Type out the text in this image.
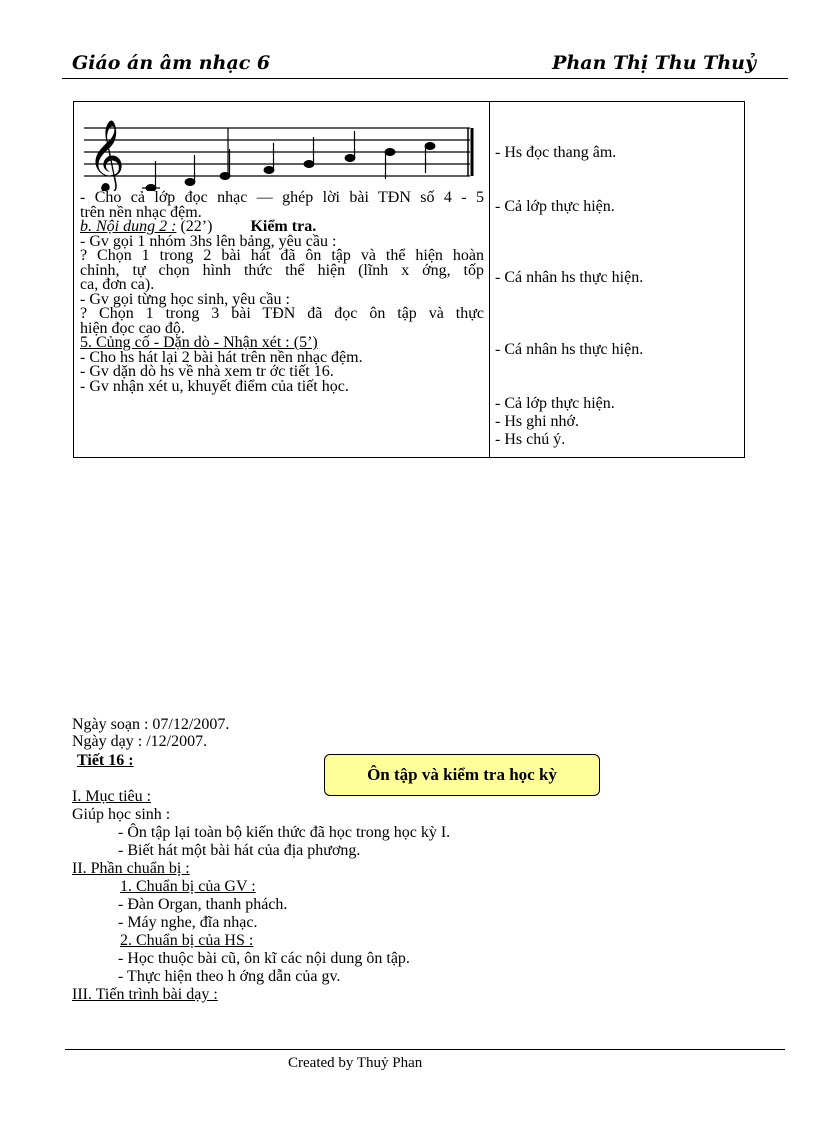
Giáo án âm nhạc 6	Phan Thị Thu Thuỷ
𝄞
- Cho cả lớp đọc nhạc — ghép lời bài TĐN số 4 - 5
trên nền nhạc đệm.
b. Nội dung 2 : (22’) Kiểm tra.
- Gv gọi 1 nhóm 3hs lên bảng, yêu cầu :
? Chọn 1 trong 2 bài hát đã ôn tập và thể hiện hoàn
chỉnh, tự chọn hình thức thể hiện (lĩnh x ớng, tốp
ca, đơn ca).
- Gv gọi từng học sinh, yêu cầu :
? Chọn 1 trong 3 bài TĐN đã đọc ôn tập và thực
hiện đọc cao độ.
5. Củng cố - Dặn dò - Nhận xét : (5’)
- Cho hs hát lại 2 bài hát trên nền nhạc đệm.
- Gv dặn dò hs về nhà xem tr ớc tiết 16.
- Gv nhận xét u, khuyết điểm của tiết học.
- Hs đọc thang âm.
- Cả lớp thực hiện.
- Cá nhân hs thực hiện.
- Cá nhân hs thực hiện.
- Cả lớp thực hiện.
- Hs ghi nhớ.
- Hs chú ý.
Ngày soạn : 07/12/2007.
Ngày dạy : /12/2007.
Tiết 16 :
Ôn tập và kiểm tra học kỳ
I. Mục tiêu :
Giúp học sinh :
- Ôn tập lại toàn bộ kiến thức đã học trong học kỳ I.
- Biết hát một bài hát của địa phương.
II. Phần chuẩn bị :
1. Chuẩn bị của GV :
- Đàn Organ, thanh phách.
- Máy nghe, đĩa nhạc.
2. Chuẩn bị của HS :
- Học thuộc bài cũ, ôn kĩ các nội dung ôn tập.
- Thực hiện theo h ớng dẫn của gv.
III. Tiến trình bài dạy :
Created by Thuỷ Phan
